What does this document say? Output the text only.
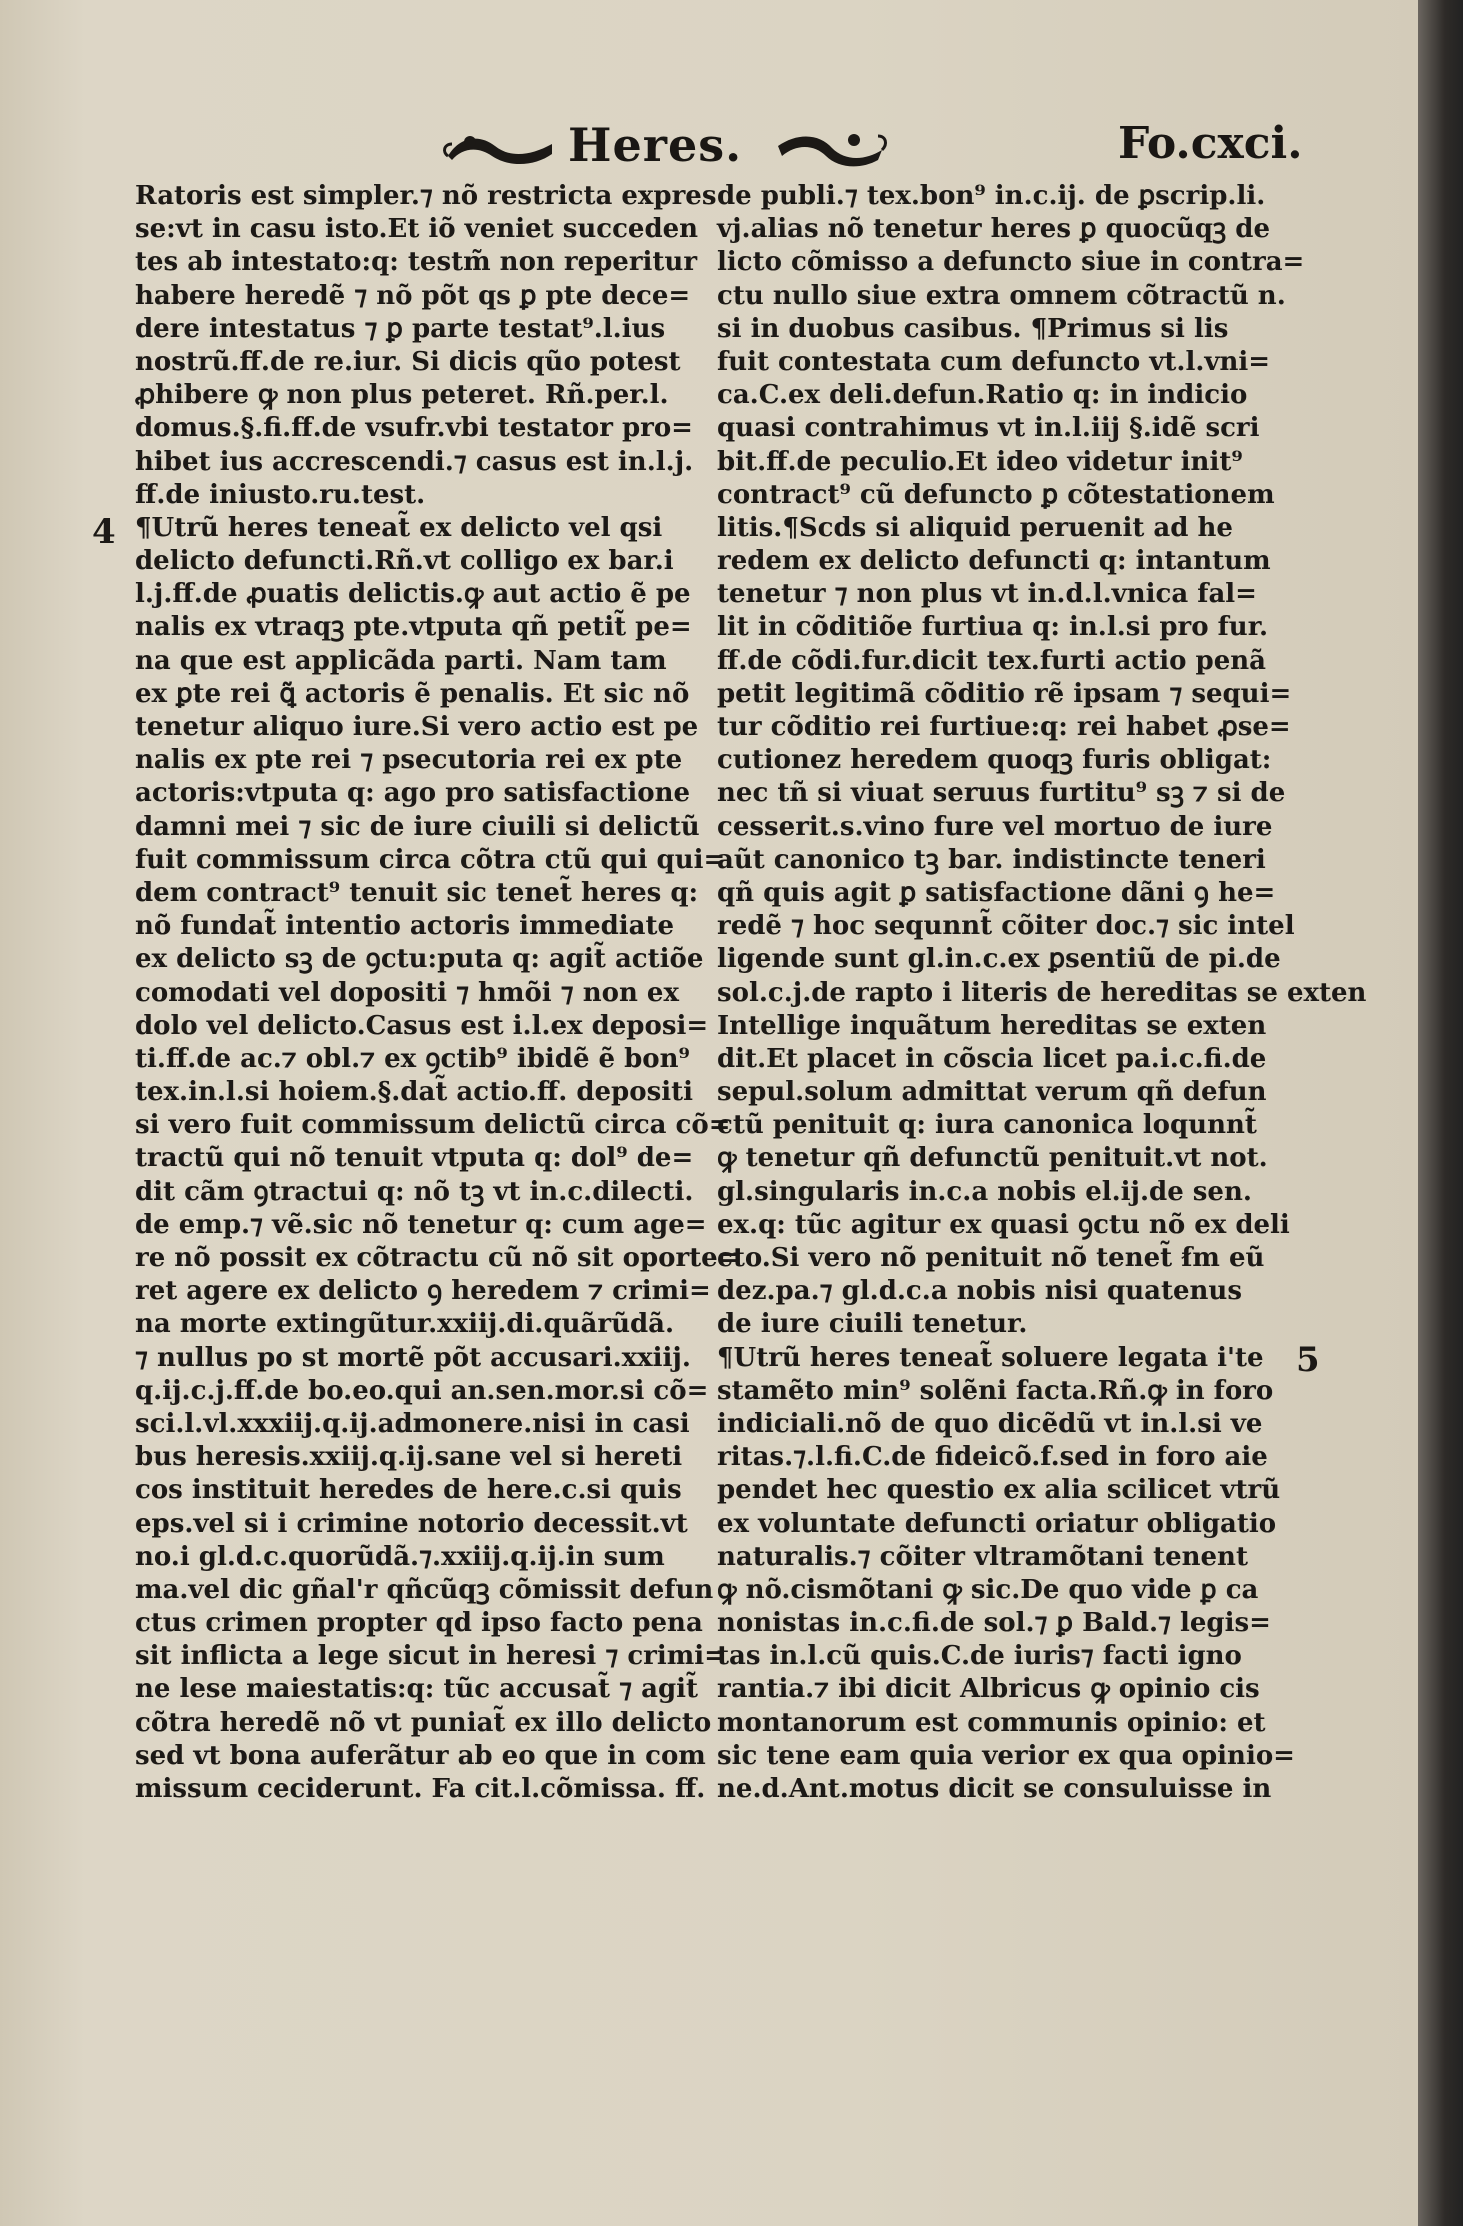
Heres.	Fo.cxci.
4
5
Ratoris est simpler.⁊ nõ restricta expres
se:vt in casu isto.Et iõ veniet succeden
tes ab intestato:q: testm̃ non reperitur
habere heredẽ ⁊ nõ põt qs ꝑ pte dece=
dere intestatus ⁊ ꝑ parte testat⁹.l.ius
nostrũ.ff.de re.iur. Si dicis qũo potest
ꝓhibere ꝙ non plus peteret. Rñ.per.l.
domus.§.fi.ff.de vsufr.vbi testator pro=
hibet ius accrescendi.⁊ casus est in.l.j.
ff.de iniusto.ru.test.
¶Utrũ heres teneat̃ ex delicto vel qsi
delicto defuncti.Rñ.vt colligo ex bar.i
l.j.ff.de ꝓuatis delictis.ꝙ aut actio ẽ pe
nalis ex vtraqꝫ pte.vtputa qñ petit̃ pe=
na que est applicãda parti. Nam tam
ex ꝑte rei ꝗ̃ actoris ẽ penalis. Et sic nõ
tenetur aliquo iure.Si vero actio est pe
nalis ex pte rei ⁊ psecutoria rei ex pte
actoris:vtputa q: ago pro satisfactione
damni mei ⁊ sic de iure ciuili si delictũ
fuit commissum circa cõtra ctũ qui qui=
dem contract⁹ tenuit sic tenet̃ heres q:
nõ fundat̃ intentio actoris immediate
ex delicto sꝫ de ꝯctu:puta q: agit̃ actiõe
comodati vel dopositi ⁊ hmõi ⁊ non ex
dolo vel delicto.Casus est i.l.ex deposi=
ti.ff.de ac.⁊ obl.⁊ ex ꝯctib⁹ ibidẽ ẽ bon⁹
tex.in.l.si hoiem.§.dat̃ actio.ff. depositi
si vero fuit commissum delictũ circa cõ=
tractũ qui nõ tenuit vtputa q: dol⁹ de=
dit cãm ꝯtractui q: nõ tꝫ vt in.c.dilecti.
de emp.⁊ vẽ.sic nõ tenetur q: cum age=
re nõ possit ex cõtractu cũ nõ sit oporte=
ret agere ex delicto ꝯ heredem ⁊ crimi=
na morte extingũtur.xxiij.di.quãrũdã.
⁊ nullus po st mortẽ põt accusari.xxiij.
q.ij.c.j.ff.de bo.eo.qui an.sen.mor.si cõ=
sci.l.vl.xxxiij.q.ij.admonere.nisi in casi
bus heresis.xxiij.q.ij.sane vel si hereti
cos instituit heredes de here.c.si quis
eps.vel si i crimine notorio decessit.vt
no.i gl.d.c.quorũdã.⁊.xxiij.q.ij.in sum
ma.vel dic gñal'r qñcũqꝫ cõmissit defun
ctus crimen propter qd ipso facto pena
sit inflicta a lege sicut in heresi ⁊ crimi=
ne lese maiestatis:q: tũc accusat̃ ⁊ agit̃
cõtra heredẽ nõ vt puniat̃ ex illo delicto
sed vt bona auferãtur ab eo que in com
missum ceciderunt. Fa cit.l.cõmissa. ff.
de publi.⁊ tex.bon⁹ in.c.ij. de ꝑscrip.li.
vj.alias nõ tenetur heres ꝑ quocũqꝫ de
licto cõmisso a defuncto siue in contra=
ctu nullo siue extra omnem cõtractũ n.
si in duobus casibus. ¶Primus si lis
fuit contestata cum defuncto vt.l.vni=
ca.C.ex deli.defun.Ratio q: in indicio
quasi contrahimus vt in.l.iij §.idẽ scri
bit.ff.de peculio.Et ideo videtur init⁹
contract⁹ cũ defuncto ꝑ cõtestationem
litis.¶Scds si aliquid peruenit ad he
redem ex delicto defuncti q: intantum
tenetur ⁊ non plus vt in.d.l.vnica fal=
lit in cõditiõe furtiua q: in.l.si pro fur.
ff.de cõdi.fur.dicit tex.furti actio penã
petit legitimã cõditio rẽ ipsam ⁊ sequi=
tur cõditio rei furtiue:q: rei habet ꝓse=
cutionez heredem quoqꝫ furis obligat:
nec tñ si viuat seruus furtitu⁹ sꝫ ⁊ si de
cesserit.s.vino fure vel mortuo de iure
aũt canonico tꝫ bar. indistincte teneri
qñ quis agit ꝑ satisfactione dãni ꝯ he=
redẽ ⁊ hoc sequnnt̃ cõiter doc.⁊ sic intel
ligende sunt gl.in.c.ex ꝑsentiũ de pi.de
sol.c.j.de rapto i literis de hereditas se exten
Intellige inquãtum hereditas se exten
dit.Et placet in cõscia licet pa.i.c.fi.de
sepul.solum admittat verum qñ defun
ctũ penituit q: iura canonica loqunnt̃
ꝙ tenetur qñ defunctũ penituit.vt not.
gl.singularis in.c.a nobis el.ij.de sen.
ex.q: tũc agitur ex quasi ꝯctu nõ ex deli
cto.Si vero nõ penituit nõ tenet̃ ẜm eũ
dez.pa.⁊ gl.d.c.a nobis nisi quatenus
de iure ciuili tenetur.
¶Utrũ heres teneat̃ soluere legata i'te
stamẽto min⁹ solẽni facta.Rñ.ꝙ in foro
indiciali.nõ de quo dicẽdũ vt in.l.si ve
ritas.⁊.l.fi.C.de fideicõ.f.sed in foro aie
pendet hec questio ex alia scilicet vtrũ
ex voluntate defuncti oriatur obligatio
naturalis.⁊ cõiter vltramõtani tenent
ꝙ nõ.cismõtani ꝙ sic.De quo vide ꝑ ca
nonistas in.c.fi.de sol.⁊ ꝑ Bald.⁊ legis=
tas in.l.cũ quis.C.de iuris⁊ facti igno
rantia.⁊ ibi dicit Albricus ꝙ opinio cis
montanorum est communis opinio: et
sic tene eam quia verior ex qua opinio=
ne.d.Ant.motus dicit se consuluisse in
